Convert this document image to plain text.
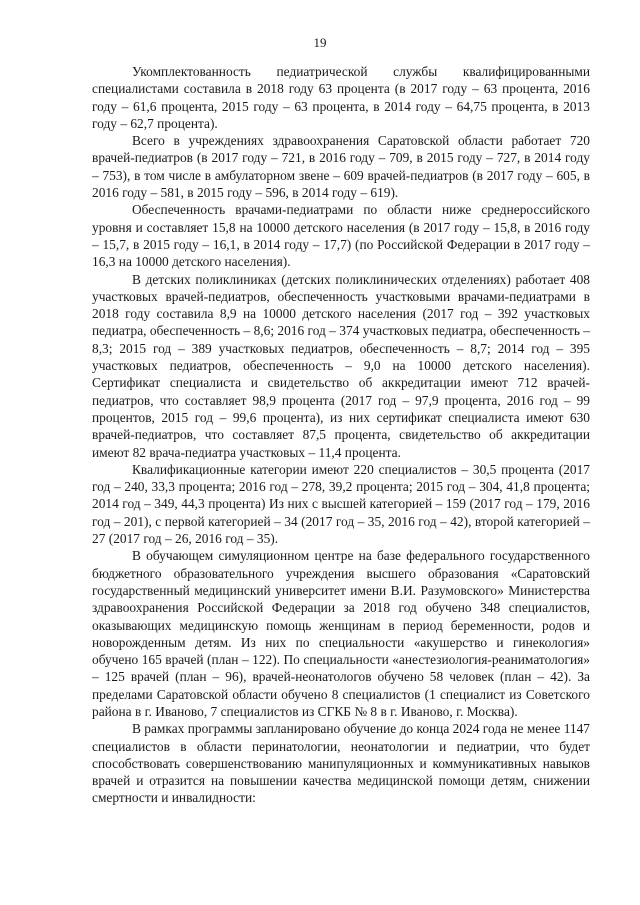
19

Укомплектованность педиатрической службы квалифицированными специалистами составила в 2018 году 63 процента (в 2017 году – 63 процента, 2016 году – 61,6 процента, 2015 году – 63 процента, в 2014 году – 64,75 процента, в 2013 году – 62,7 процента).

Всего в учреждениях здравоохранения Саратовской области работает 720 врачей-педиатров (в 2017 году – 721, в 2016 году – 709, в 2015 году – 727, в 2014 году – 753), в том числе в амбулаторном звене – 609 врачей-педиатров (в 2017 году – 605, в 2016 году – 581, в 2015 году – 596, в 2014 году – 619).

Обеспеченность врачами-педиатрами по области ниже среднероссийского уровня и составляет 15,8 на 10000 детского населения (в 2017 году – 15,8, в 2016 году – 15,7, в 2015 году – 16,1, в 2014 году – 17,7) (по Российской Федерации в 2017 году – 16,3 на 10000 детского населения).

В детских поликлиниках (детских поликлинических отделениях) работает 408 участковых врачей-педиатров, обеспеченность участковыми врачами-педиатрами в 2018 году составила 8,9 на 10000 детского населения (2017 год – 392 участковых педиатра, обеспеченность – 8,6; 2016 год – 374 участковых педиатра, обеспеченность – 8,3; 2015 год – 389 участковых педиатров, обеспеченность – 8,7; 2014 год – 395 участковых педиатров, обеспеченность – 9,0 на 10000 детского населения). Сертификат специалиста и свидетельство об аккредитации имеют 712 врачей-педиатров, что составляет 98,9 процента (2017 год – 97,9 процента, 2016 год – 99 процентов, 2015 год – 99,6 процента), из них сертификат специалиста имеют 630 врачей-педиатров, что составляет 87,5 процента, свидетельство об аккредитации имеют 82 врача-педиатра участковых – 11,4 процента.

Квалификационные категории имеют 220 специалистов – 30,5 процента (2017 год – 240, 33,3 процента; 2016 год – 278, 39,2 процента; 2015 год – 304, 41,8 процента; 2014 год – 349, 44,3 процента) Из них с высшей категорией – 159 (2017 год – 179, 2016 год – 201), с первой категорией – 34 (2017 год – 35, 2016 год – 42), второй категорией – 27 (2017 год – 26, 2016 год – 35).

В обучающем симуляционном центре на базе федерального государственного бюджетного образовательного учреждения высшего образования «Саратовский государственный медицинский университет имени В.И. Разумовского» Министерства здравоохранения Российской Федерации за 2018 год обучено 348 специалистов, оказывающих медицинскую помощь женщинам в период беременности, родов и новорожденным детям. Из них по специальности «акушерство и гинекология» обучено 165 врачей (план – 122). По специальности «анестезиология-реаниматология» – 125 врачей (план – 96), врачей-неонатологов обучено 58 человек (план – 42). За пределами Саратовской области обучено 8 специалистов (1 специалист из Советского района в г. Иваново, 7 специалистов из СГКБ № 8 в г. Иваново, г. Москва).

В рамках программы запланировано обучение до конца 2024 года не менее 1147 специалистов в области перинатологии, неонатологии и педиатрии, что будет способствовать совершенствованию манипуляционных и коммуникативных навыков врачей и отразится на повышении качества медицинской помощи детям, снижении смертности и инвалидности:
